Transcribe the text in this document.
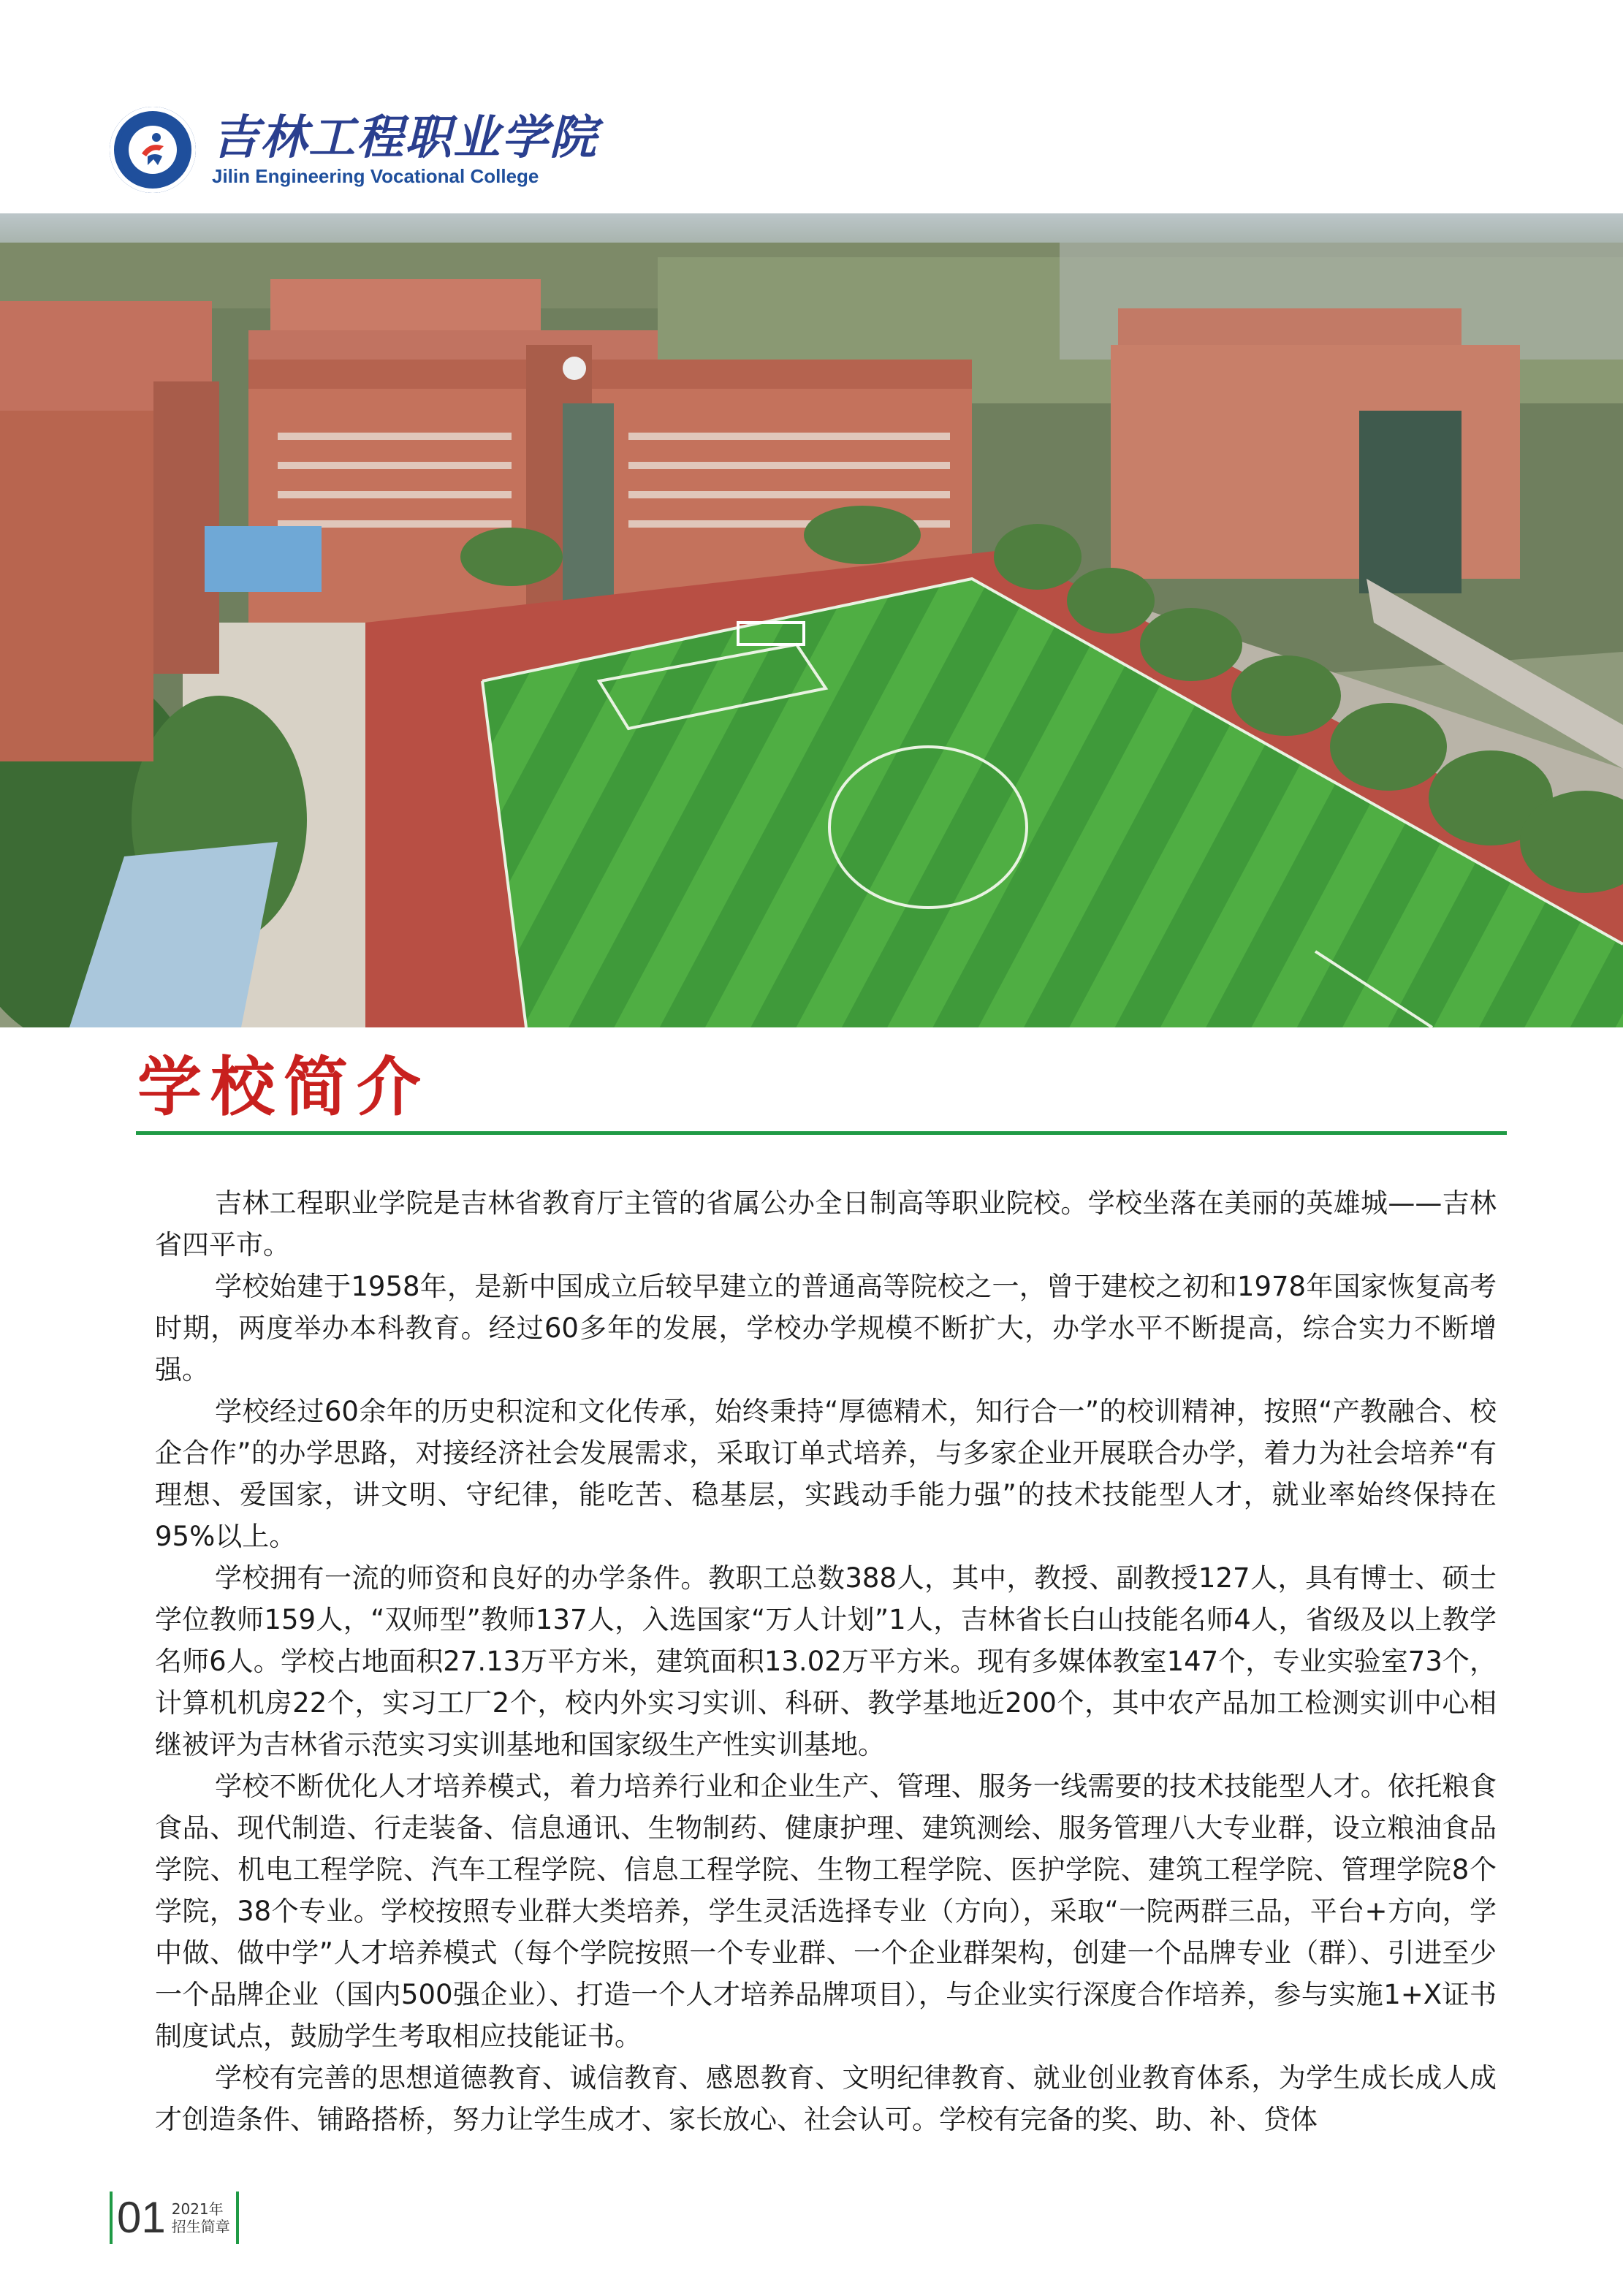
吉林工程职业学院
Jilin Engineering Vocational College
学校简介

吉林工程职业学院是吉林省教育厅主管的省属公办全日制高等职业院校。学校坐落在美丽的英雄城——吉林省四平市。

学校始建于1958年，是新中国成立后较早建立的普通高等院校之一，曾于建校之初和1978年国家恢复高考时期，两度举办本科教育。经过60多年的发展，学校办学规模不断扩大，办学水平不断提高，综合实力不断增强。

学校经过60余年的历史积淀和文化传承，始终秉持“厚德精术，知行合一”的校训精神，按照“产教融合、校企合作”的办学思路，对接经济社会发展需求，采取订单式培养，与多家企业开展联合办学，着力为社会培养“有理想、爱国家，讲文明、守纪律，能吃苦、稳基层，实践动手能力强”的技术技能型人才，就业率始终保持在95%以上。

学校拥有一流的师资和良好的办学条件。教职工总数388人，其中，教授、副教授127人，具有博士、硕士学位教师159人，“双师型”教师137人，入选国家“万人计划”1人，吉林省长白山技能名师4人，省级及以上教学名师6人。学校占地面积27.13万平方米，建筑面积13.02万平方米。现有多媒体教室147个，专业实验室73个，计算机机房22个，实习工厂2个，校内外实习实训、科研、教学基地近200个，其中农产品加工检测实训中心相继被评为吉林省示范实习实训基地和国家级生产性实训基地。

学校不断优化人才培养模式，着力培养行业和企业生产、管理、服务一线需要的技术技能型人才。依托粮食食品、现代制造、行走装备、信息通讯、生物制药、健康护理、建筑测绘、服务管理八大专业群，设立粮油食品学院、机电工程学院、汽车工程学院、信息工程学院、生物工程学院、医护学院、建筑工程学院、管理学院8个学院，38个专业。学校按照专业群大类培养，学生灵活选择专业（方向），采取“一院两群三品，平台+方向，学中做、做中学”人才培养模式（每个学院按照一个专业群、一个企业群架构，创建一个品牌专业（群）、引进至少一个品牌企业（国内500强企业）、打造一个人才培养品牌项目），与企业实行深度合作培养，参与实施1+X证书制度试点，鼓励学生考取相应技能证书。

学校有完善的思想道德教育、诚信教育、感恩教育、文明纪律教育、就业创业教育体系，为学生成长成人成才创造条件、铺路搭桥，努力让学生成才、家长放心、社会认可。学校有完备的奖、助、补、贷体

01 2021年
招生简章
